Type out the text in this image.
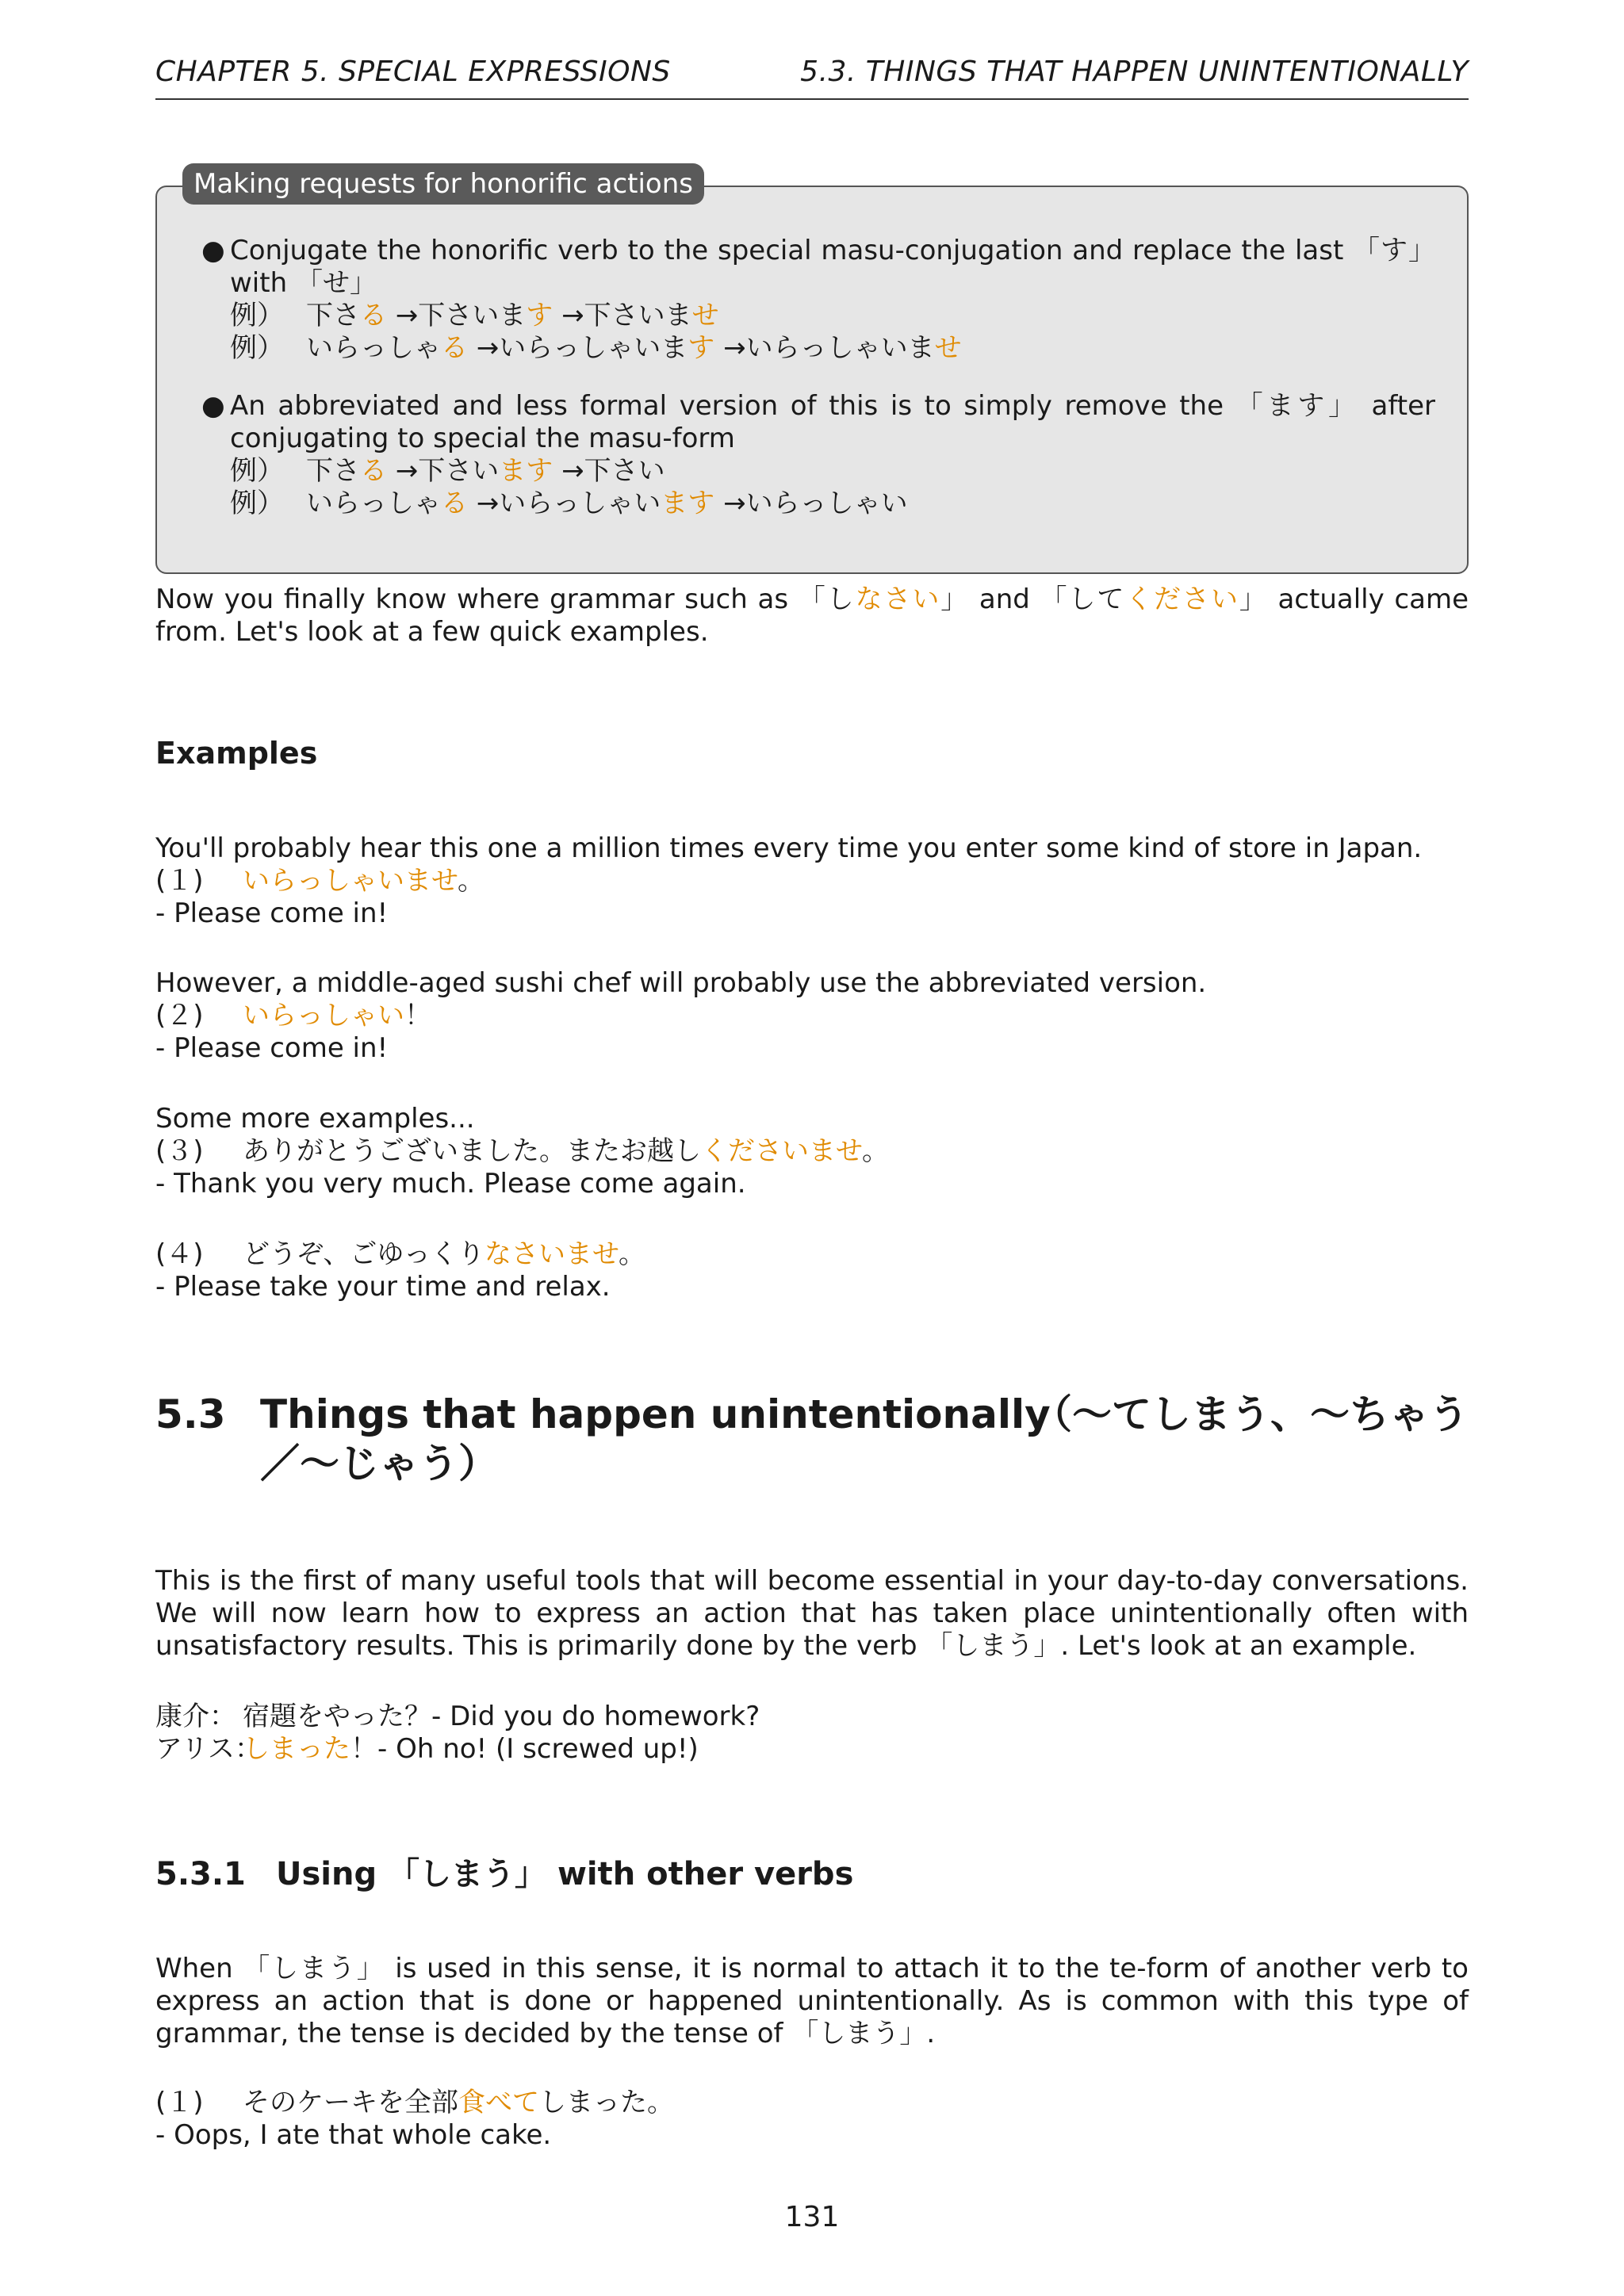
CHAPTER 5. SPECIAL EXPRESSIONS	5.3. THINGS THAT HAPPEN UNINTENTIONALLY
Making requests for honorific actions
● Conjugate the honorific verb to the special masu-conjugation and replace the last 「す」 with 「せ」
例） 下さる →下さいます →下さいませ
例） いらっしゃる →いらっしゃいます →いらっしゃいませ
● An abbreviated and less formal version of this is to simply remove the 「ます」 after conjugating to special the masu-form
例） 下さる →下さいます →下さい
例） いらっしゃる →いらっしゃいます →いらっしゃい
Now you finally know where grammar such as 「しなさい」 and 「してください」 actually came from. Let's look at a few quick examples.
Examples
You'll probably hear this one a million times every time you enter some kind of store in Japan.
(１) いらっしゃいませ。
- Please come in!
However, a middle-aged sushi chef will probably use the abbreviated version.
(２) いらっしゃい！
- Please come in!
Some more examples...
(３) ありがとうございました。またお越しくださいませ。
- Thank you very much. Please come again.
(４) どうぞ、ごゆっくりなさいませ。
- Please take your time and relax.
5.3 Things that happen unintentionally
（～てしまう、～ちゃう
／～じゃう）
This is the first of many useful tools that will become essential in your day-to-day conversations. We will now learn how to express an action that has taken place unintentionally often with unsatisfactory results. This is primarily done by the verb 「しまう」. Let's look at an example.
康介： 宿題をやった？- Did you do homework?
アリス：しまった！- Oh no! (I screwed up!)
5.3.1 Using 「しまう」 with other verbs
When 「しまう」 is used in this sense, it is normal to attach it to the te-form of another verb to express an action that is done or happened unintentionally. As is common with this type of grammar, the tense is decided by the tense of 「しまう」.
(１) そのケーキを全部食べてしまった。
- Oops, I ate that whole cake.
131
